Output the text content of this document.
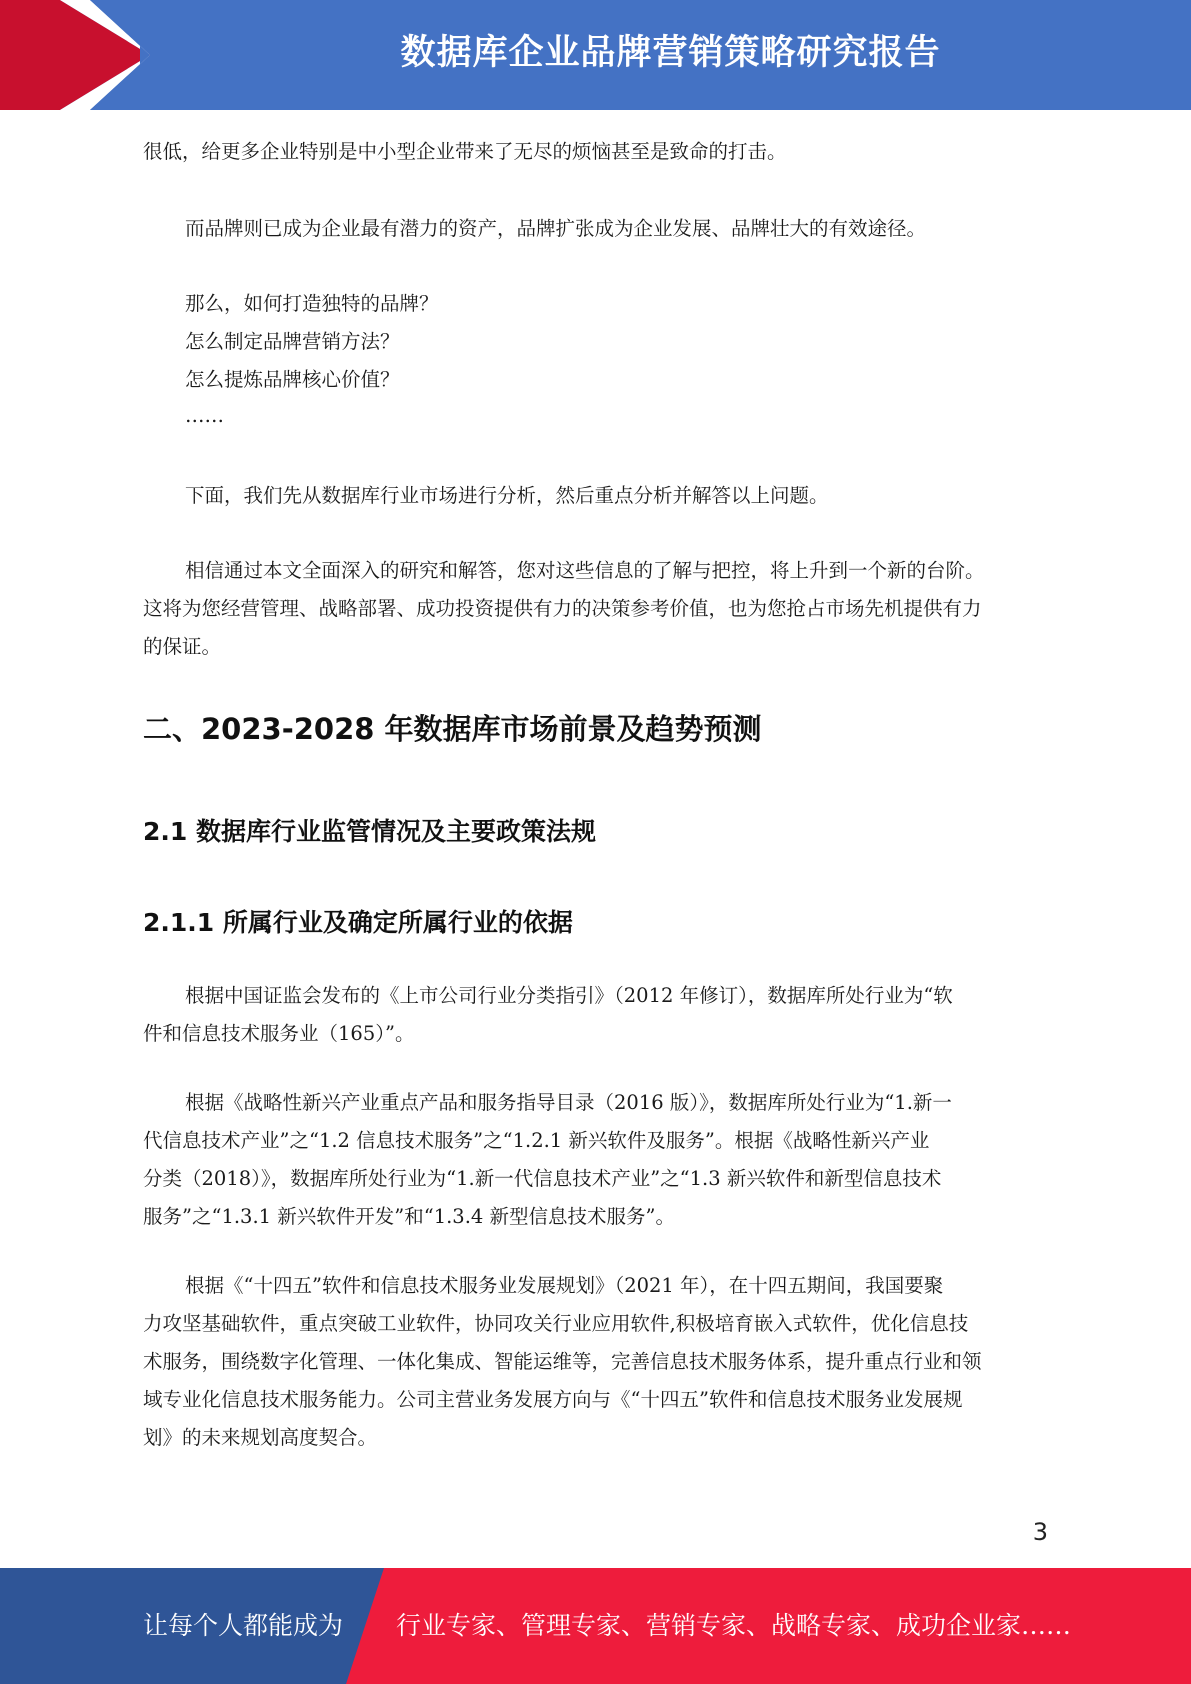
数据库企业品牌营销策略研究报告

很低，给更多企业特别是中小型企业带来了无尽的烦恼甚至是致命的打击。

而品牌则已成为企业最有潜力的资产，品牌扩张成为企业发展、品牌壮大的有效途径。

那么，如何打造独特的品牌？

怎么制定品牌营销方法？

怎么提炼品牌核心价值？

……

下面，我们先从数据库行业市场进行分析，然后重点分析并解答以上问题。

相信通过本文全面深入的研究和解答，您对这些信息的了解与把控，将上升到一个新的台阶。

这将为您经营管理、战略部署、成功投资提供有力的决策参考价值，也为您抢占市场先机提供有力

的保证。

二、2023-2028 年数据库市场前景及趋势预测
2.1 数据库行业监管情况及主要政策法规
2.1.1 所属行业及确定所属行业的依据

根据中国证监会发布的《上市公司行业分类指引》（2012 年修订），数据库所处行业为“软

件和信息技术服务业（165）”。

根据《战略性新兴产业重点产品和服务指导目录（2016 版）》，数据库所处行业为“1.新一

代信息技术产业”之“1.2 信息技术服务”之“1.2.1 新兴软件及服务”。根据《战略性新兴产业

分类（2018）》，数据库所处行业为“1.新一代信息技术产业”之“1.3 新兴软件和新型信息技术

服务”之“1.3.1 新兴软件开发”和“1.3.4 新型信息技术服务”。

根据《“十四五”软件和信息技术服务业发展规划》（2021 年），在十四五期间，我国要聚

力攻坚基础软件，重点突破工业软件，协同攻关行业应用软件,积极培育嵌入式软件，优化信息技

术服务，围绕数字化管理、一体化集成、智能运维等，完善信息技术服务体系，提升重点行业和领

域专业化信息技术服务能力。公司主营业务发展方向与《“十四五”软件和信息技术服务业发展规

划》的未来规划高度契合。

3
让每个人都能成为 行业专家、管理专家、营销专家、战略专家、成功企业家……
